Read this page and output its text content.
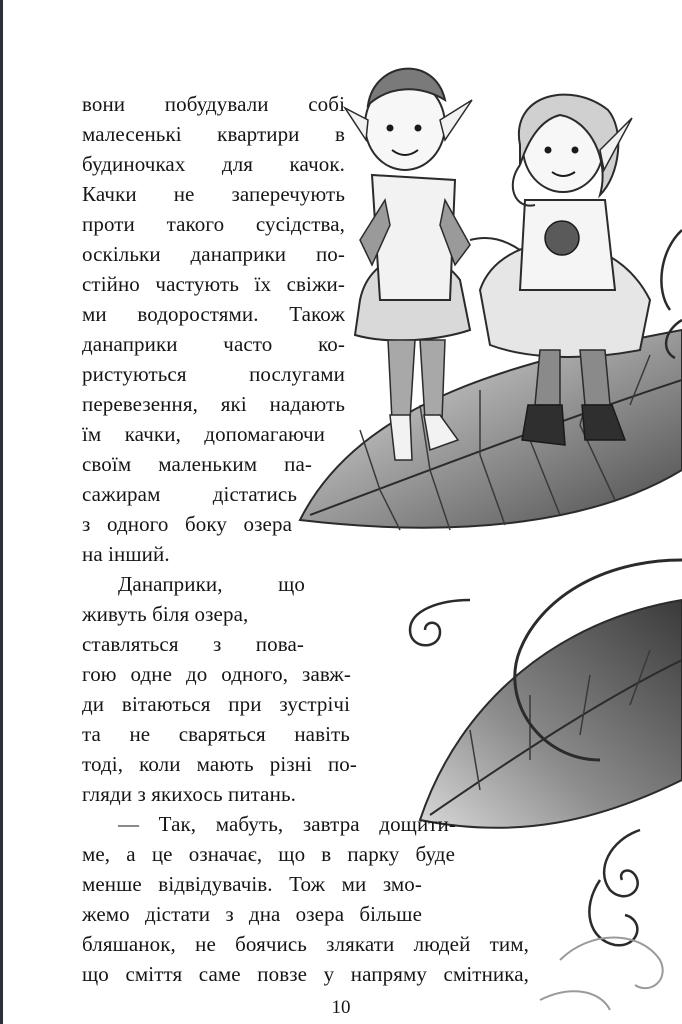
вони побудували собі
малесенькі квартири в
будиночках для качок.
Качки не заперечують
проти такого сусідства,
оскільки данаприки по-
стійно частують їх свіжи-
ми водоростями. Також
данаприки часто ко-
ристуються послугами
перевезення, які надають
їм качки, допомагаючи
своїм маленьким па-
сажирам дістатись
з одного боку озера
на інший.
Данаприки, що
живуть біля озера,
ставляться з пова-
гою одне до одного, завж-
ди вітаються при зустрічі
та не сваряться навіть
тоді, коли мають різні по-
гляди з якихось питань.
— Так, мабуть, завтра дощити-
ме, а це означає, що в парку буде
менше відвідувачів. Тож ми змо-
жемо дістати з дна озера більше
бляшанок, не боячись злякати людей тим,
що сміття саме повзе у напряму смітника,
10
